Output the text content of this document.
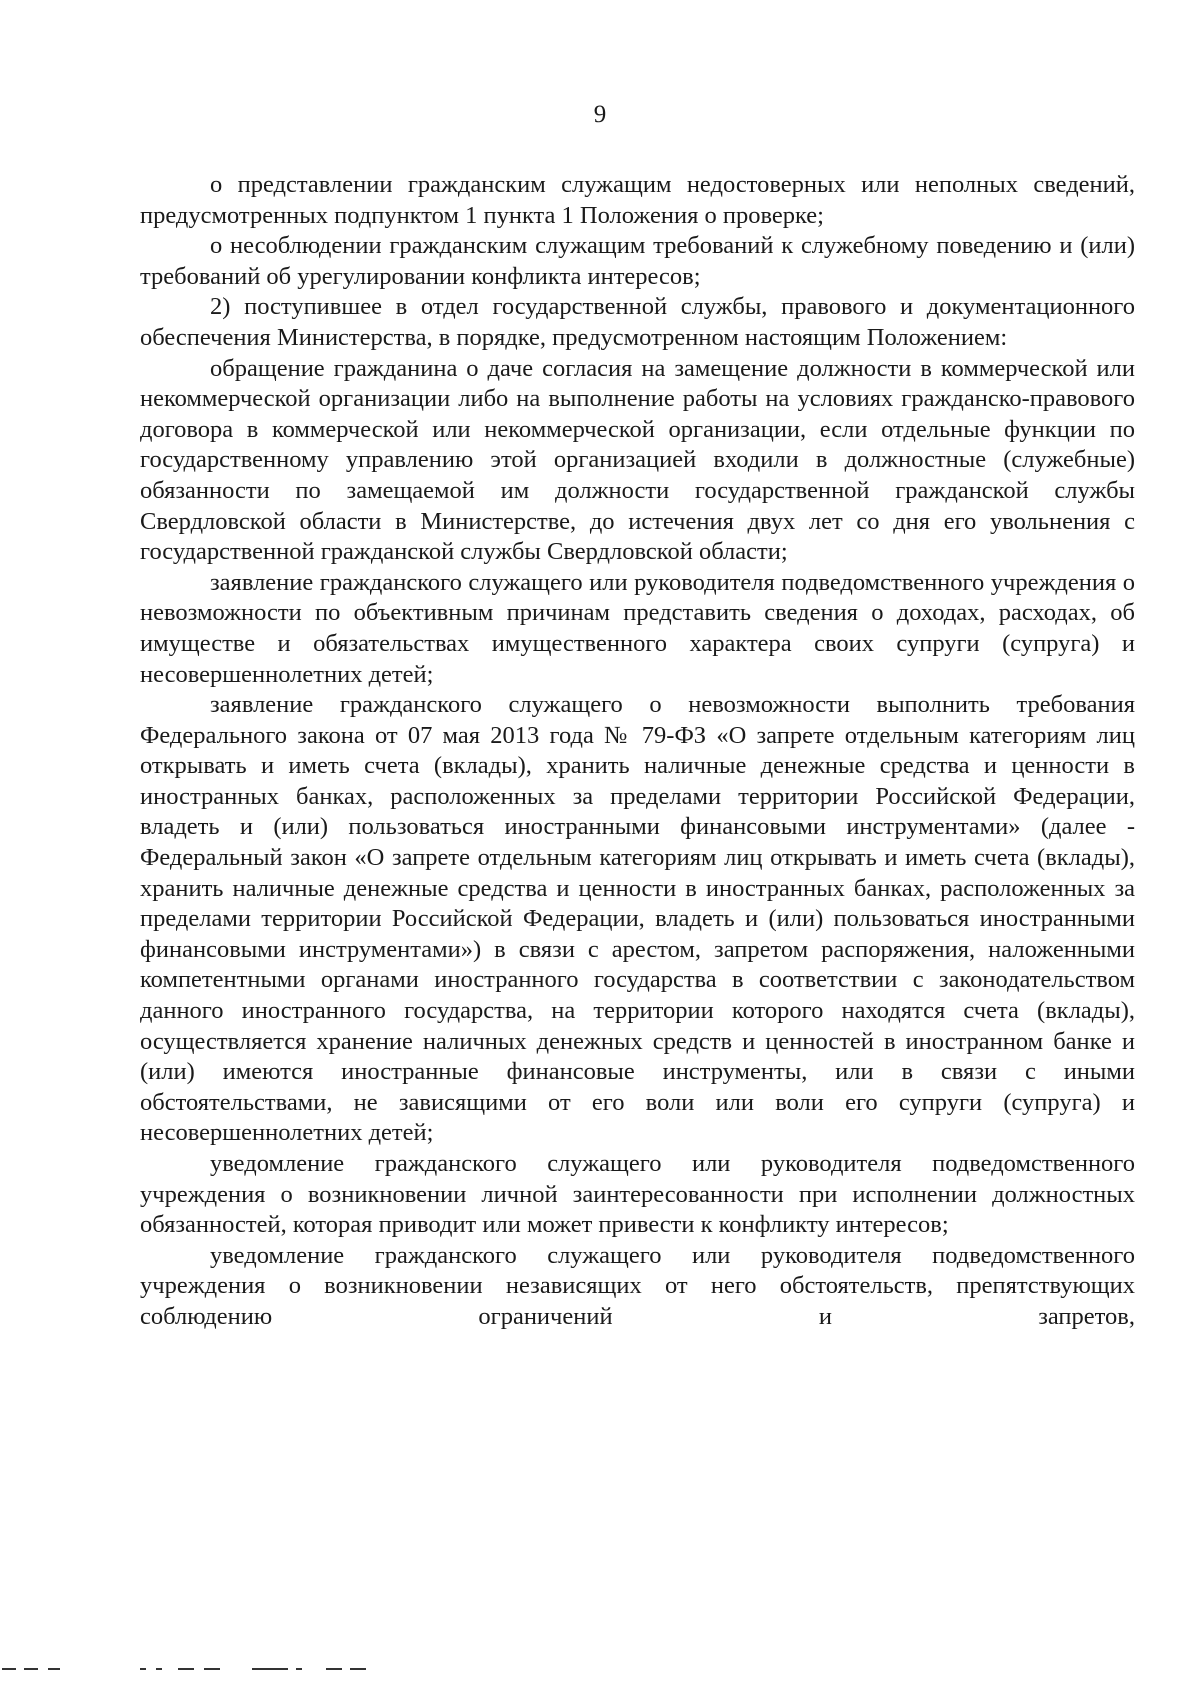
9

о представлении гражданским служащим недостоверных или неполных сведений, предусмотренных подпунктом 1 пункта 1 Положения о проверке;

о несоблюдении гражданским служащим требований к служебному поведению и (или) требований об урегулировании конфликта интересов;

2) поступившее в отдел государственной службы, правового и документационного обеспечения Министерства, в порядке, предусмотренном настоящим Положением:

обращение гражданина о даче согласия на замещение должности в коммерческой или некоммерческой организации либо на выполнение работы на условиях гражданско-правового договора в коммерческой или некоммерческой организации, если отдельные функции по государственному управлению этой организацией входили в должностные (служебные) обязанности по замещаемой им должности государственной гражданской службы Свердловской области в Министерстве, до истечения двух лет со дня его увольнения с государственной гражданской службы Свердловской области;

заявление гражданского служащего или руководителя подведомственного учреждения о невозможности по объективным причинам представить сведения о доходах, расходах, об имуществе и обязательствах имущественного характера своих супруги (супруга) и несовершеннолетних детей;

заявление гражданского служащего о невозможности выполнить требования Федерального закона от 07 мая 2013 года № 79-ФЗ «О запрете отдельным категориям лиц открывать и иметь счета (вклады), хранить наличные денежные средства и ценности в иностранных банках, расположенных за пределами территории Российской Федерации, владеть и (или) пользоваться иностранными финансовыми инструментами» (далее - Федеральный закон «О запрете отдельным категориям лиц открывать и иметь счета (вклады), хранить наличные денежные средства и ценности в иностранных банках, расположенных за пределами территории Российской Федерации, владеть и (или) пользоваться иностранными финансовыми инструментами») в связи с арестом, запретом распоряжения, наложенными компетентными органами иностранного государства в соответствии с законодательством данного иностранного государства, на территории которого находятся счета (вклады), осуществляется хранение наличных денежных средств и ценностей в иностранном банке и (или) имеются иностранные финансовые инструменты, или в связи с иными обстоятельствами, не зависящими от его воли или воли его супруги (супруга) и несовершеннолетних детей;

уведомление гражданского служащего или руководителя подведомственного учреждения о возникновении личной заинтересованности при исполнении должностных обязанностей, которая приводит или может привести к конфликту интересов;

уведомление гражданского служащего или руководителя подведомственного учреждения о возникновении независящих от него обстоятельств, препятствующих соблюдению ограничений и запретов,
